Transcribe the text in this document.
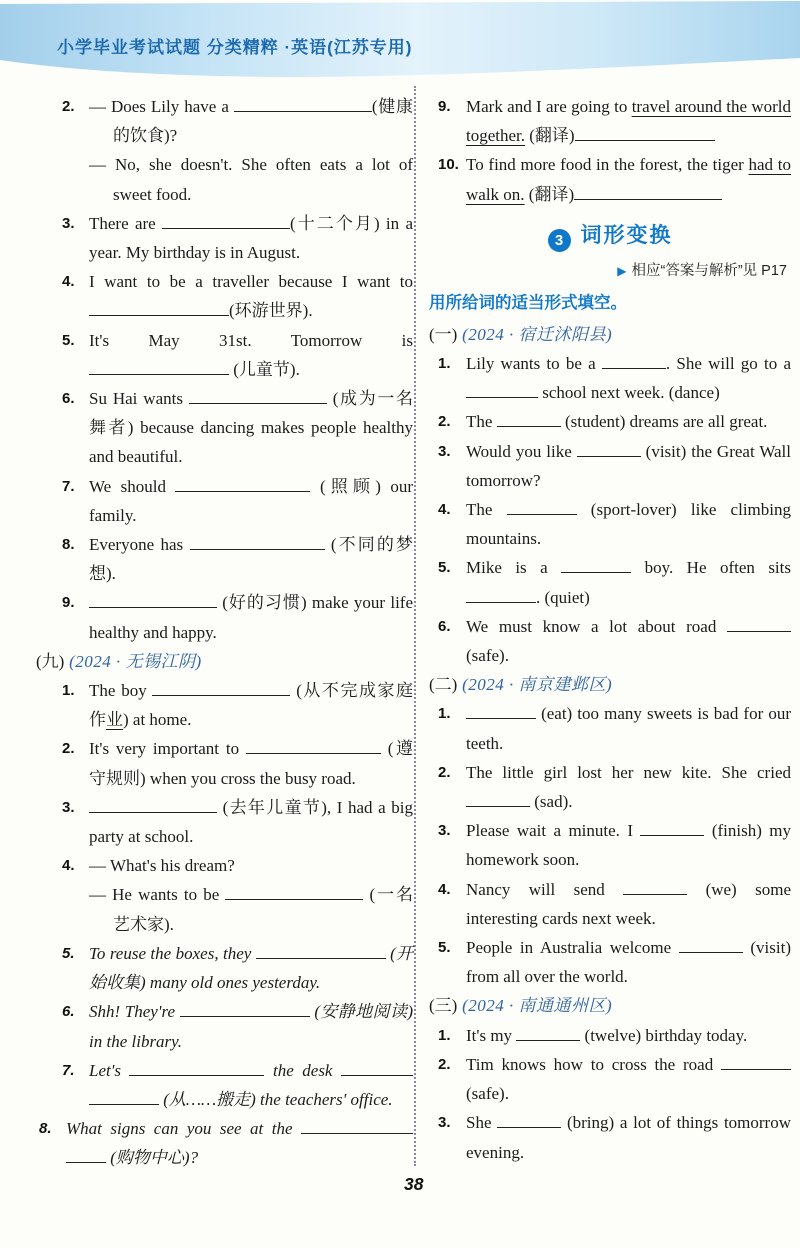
小学毕业考试试题 分类精粹 ·英语(江苏专用)
2. — Does Lily have a	(健康的饮食)?
— No, she doesn't. She often eats a lot of sweet food.
3. There are	(十二个月) in a year. My birthday is in August.
4. I want to be a traveller because I want to (环游世界).
5. It's May 31st. Tomorrow is  (儿童节).
6. Su Hai wants	(成为一名舞者) because dancing makes people healthy and beautiful.
7. We should	(照顾) our family.
8. Everyone has	(不同的梦想).
9.	(好的习惯) make your life healthy and happy.
(九) (2024 · 无锡江阴)
1. The boy	(从不完成家庭作业) at home.
2. It's very important to	(遵守规则) when you cross the busy road.
3.	(去年儿童节), I had a big party at school.
4. — What's his dream?
— He wants to be	(一名艺术家).
5. To reuse the boxes, they	(开始收集) many old ones yesterday.
6. Shh! They're	(安静地阅读) in the library.
7. Let's	the desk   (从……搬走) the teachers' office.
8. What signs can you see at the   (购物中心)?
9. Mark and I are going to travel around the world together. (翻译)
10. To find more food in the forest, the tiger had to walk on. (翻译)
3 词形变换
▶ 相应“答案与解析”见 P17
用所给词的适当形式填空。
(一) (2024 · 宿迁沭阳县)
1. Lily wants to be a	. She will go to a  school next week. (dance)
2. The	(student) dreams are all great.
3. Would you like	(visit) the Great Wall tomorrow?
4. The	(sport-lover) like climbing mountains.
5. Mike is a	boy. He often sits . (quiet)
6. We must know a lot about road  (safe).
(二) (2024 · 南京建邺区)
1.	(eat) too many sweets is bad for our teeth.
2. The little girl lost her new kite. She cried  (sad).
3. Please wait a minute. I	(finish) my homework soon.
4. Nancy will send	(we) some interesting cards next week.
5. People in Australia welcome	(visit) from all over the world.
(三) (2024 · 南通通州区)
1. It's my	(twelve) birthday today.
2. Tim knows how to cross the road  (safe).
3. She	(bring) a lot of things tomorrow evening.
38
